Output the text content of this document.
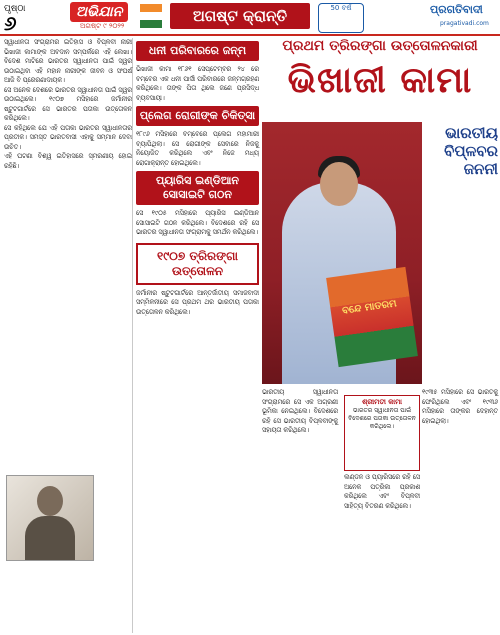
ପୃଷ୍ଠା
୬	ଅଭିଯାନ
ଅଗଷ୍ଟ ୯ ୨୦୨୨
ଅଗଷ୍ଟ କ୍ରାନ୍ତି	50 ବର୍ଷ	ପ୍ରଗତିବାଦୀ
pragativadi.com

ସ୍ୱାଧୀନତା ସଂଗ୍ରାମର ଇତିହାସ ଓ ବିପ୍ଳବୀ ନାରୀ ଭିଖାଜୀ କାମାଙ୍କ ଅବଦାନ ସମ୍ପର୍କରେ ଏହି ଲେଖା। ବିଦେଶ ମାଟିରେ ଭାରତର ସ୍ୱାଧୀନତା ପାଇଁ ସ୍ୱର ଉଠାଇଥିବା ଏହି ମହାନ ନାରୀଙ୍କ ଜୀବନ ଓ ସଂଘର୍ଷ ଆଜି ବି ପ୍ରେରଣାଦାୟକ।

ସେ ଅନେକ ଦେଶରେ ଭାରତର ସ୍ୱାଧୀନତା ପାଇଁ ସ୍ୱର ଉଠାଇଥିଲେ। ୧୯୦୭ ମସିହାରେ ଜର୍ମାନୀର ଷ୍ଟୁଟଗାର୍ଟରେ ସେ ଭାରତର ପତାକା ଉତ୍ତୋଳନ କରିଥିଲେ।

ସେ କହିଥିଲେ ଯେ ଏହି ପତାକା ଭାରତର ସ୍ୱାଧୀନତାର ପ୍ରତୀକ। ସମସ୍ତ ଭାରତବାସୀ ଏହାକୁ ସମ୍ମାନ ଦେବା ଉଚିତ।

ଏହି ଘଟଣା ବିଶ୍ୱ ଇତିହାସରେ ସ୍ମରଣୀୟ ହୋଇ ରହିଛି।

ଧନୀ ପରିବାରରେ ଜନ୍ମ

ଭିଖାଜୀ କାମା ୧୮୬୧ ସେପ୍ଟେମ୍ବର ୨୪ ରେ ବମ୍ବେର ଏକ ଧନୀ ପାର୍ସୀ ପରିବାରରେ ଜନ୍ମଗ୍ରହଣ କରିଥିଲେ। ତାଙ୍କ ପିତା ଥିଲେ ଜଣେ ପ୍ରସିଦ୍ଧ ବ୍ୟବସାୟୀ।

ପ୍ଲେଗ ରୋଗୀଙ୍କ ଚିକିତ୍ସା

୧୮୯୬ ମସିହାରେ ବମ୍ବେରେ ପ୍ଲେଗ ମହାମାରୀ ବ୍ୟାପିଥିଲା। ସେ ରୋଗୀଙ୍କ ସେବାରେ ନିଜକୁ ନିୟୋଜିତ କରିଥିଲେ ଏବଂ ନିଜେ ମଧ୍ୟ ରୋଗାକ୍ରାନ୍ତ ହୋଇଥିଲେ।

ପ୍ୟାରିସ ଇଣ୍ଡିଆନ ସୋସାଇଟି ଗଠନ

ସେ ୧୯୦୫ ମସିହାରେ ପ୍ୟାରିସ ଇଣ୍ଡିଆନ ସୋସାଇଟି ଗଠନ କରିଥିଲେ। ବିଦେଶରେ ରହି ସେ ଭାରତର ସ୍ୱାଧୀନତା ସଂଗ୍ରାମକୁ ସମର୍ଥନ କରିଥିଲେ।

୧୯୦୭ ତ୍ରିରଙ୍ଗା ଉତ୍ତୋଳନ

ଜର୍ମାନୀର ଷ୍ଟୁଟଗାର୍ଟରେ ଆନ୍ତର୍ଜାତୀୟ ସମାଜବାଦୀ ସମ୍ମିଳନୀରେ ସେ ପ୍ରଥମ ଥର ଭାରତୀୟ ପତାକା ଉତ୍ତୋଳନ କରିଥିଲେ।

ପ୍ରଥମ ତ୍ରିରଙ୍ଗା ଉତ୍ତୋଳନକାରୀ
ଭିଖାଜୀ କାମା
ବନ୍ଦେ ମାତରମ
ଭାରତୀୟ ବିପ୍ଳବର ଜନନୀ

ଭାରତୀୟ ସ୍ୱାଧୀନତା ସଂଗ୍ରାମରେ ସେ ଏକ ଅଗ୍ରଣୀ ଭୂମିକା ନେଇଥିଲେ। ବିଦେଶରେ ରହି ସେ ଭାରତୀୟ ବିପ୍ଳବୀଙ୍କୁ ସହାୟତା କରିଥିଲେ।

ଶ୍ରୀମତୀ କାମା
ଭାରତର ସ୍ୱାଧୀନତା ପାଇଁ ବିଦେଶରେ ପତାକା ଉତ୍ତୋଳନ କରିଥିଲେ।

ଲଣ୍ଡନ ଓ ପ୍ୟାରିସରେ ରହି ସେ ଅନେକ ପତ୍ରିକା ପ୍ରକାଶ କରିଥିଲେ ଏବଂ ବିପ୍ଳବୀ ସାହିତ୍ୟ ବିତରଣ କରିଥିଲେ।

୧୯୩୫ ମସିହାରେ ସେ ଭାରତକୁ ଫେରିଥିଲେ ଏବଂ ୧୯୩୬ ମସିହାରେ ତାଙ୍କର ଦେହାନ୍ତ ହୋଇଥିଲା।
